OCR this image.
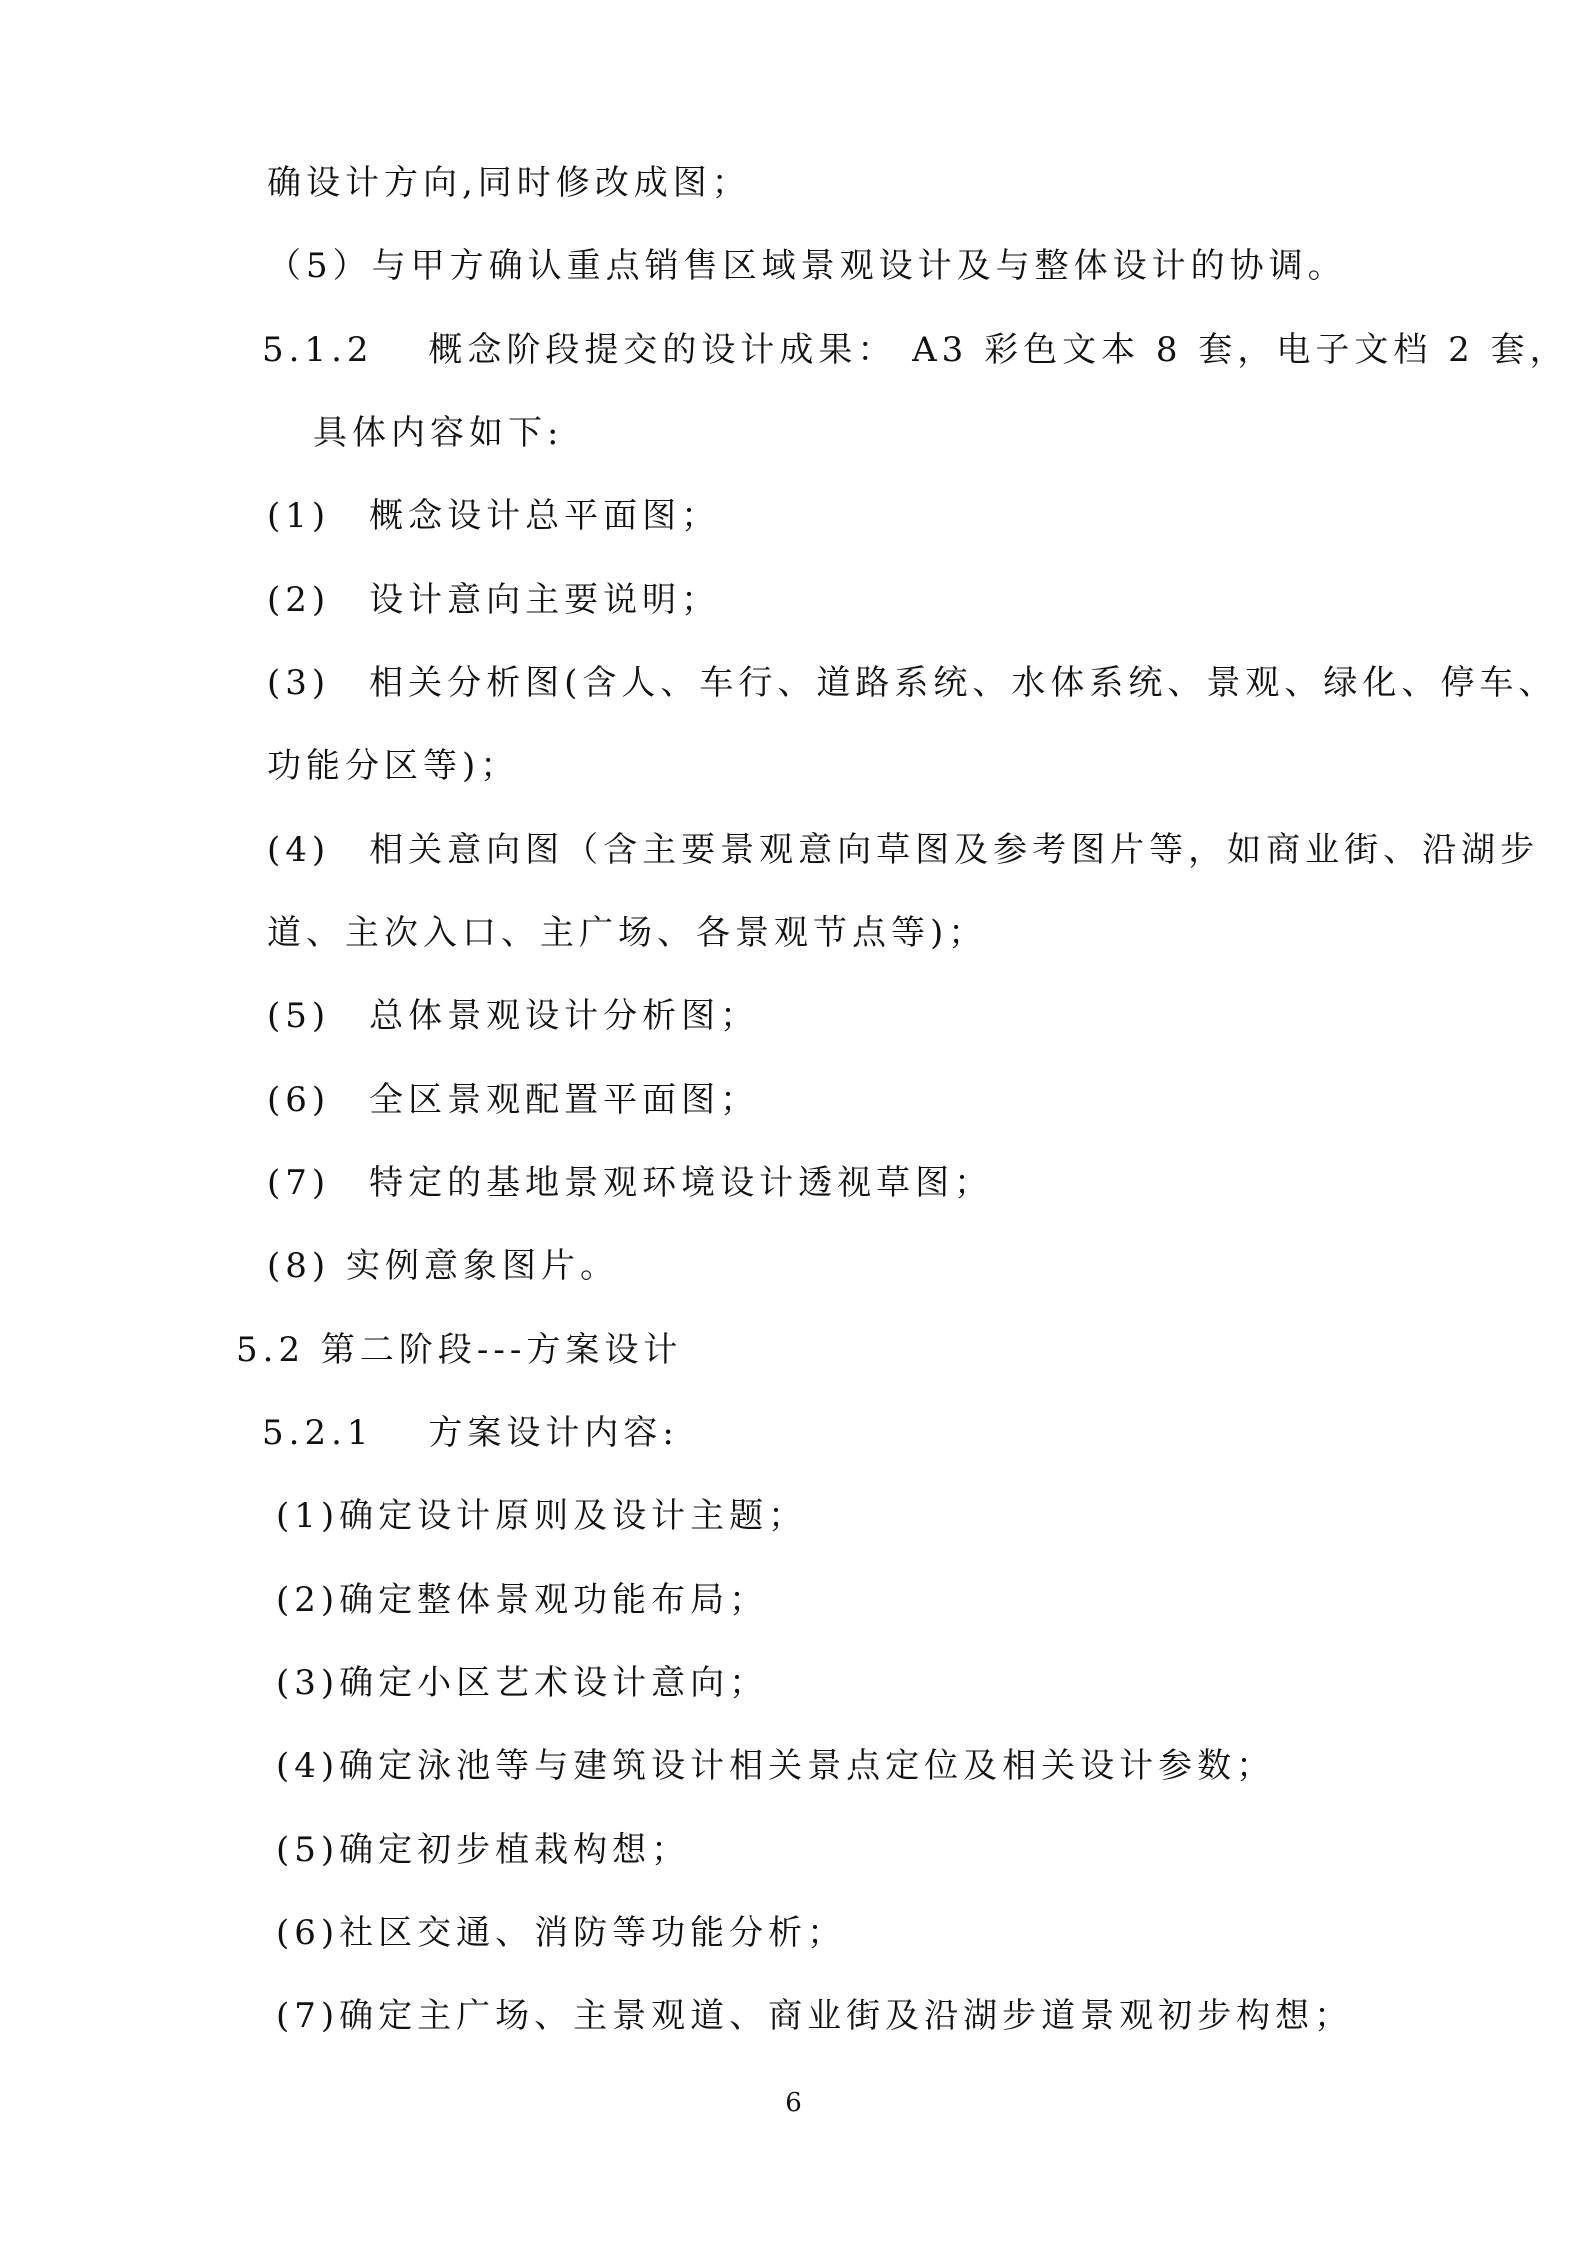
确设计方向,同时修改成图；
（5）与甲方确认重点销售区域景观设计及与整体设计的协调。
5.1.2　 概念阶段提交的设计成果： A3 彩色文本 8 套，电子文档 2 套，
具体内容如下:
(1)　概念设计总平面图；
(2)　设计意向主要说明；
(3)　相关分析图(含人、车行、道路系统、水体系统、景观、绿化、停车、
功能分区等)；
(4)　相关意向图（含主要景观意向草图及参考图片等，如商业街、沿湖步
道、主次入口、主广场、各景观节点等)；
(5)　总体景观设计分析图；
(6)　全区景观配置平面图；
(7)　特定的基地景观环境设计透视草图；
(8) 实例意象图片。
5.2 第二阶段---方案设计
5.2.1　 方案设计内容:
(1)确定设计原则及设计主题；
(2)确定整体景观功能布局；
(3)确定小区艺术设计意向；
(4)确定泳池等与建筑设计相关景点定位及相关设计参数；
(5)确定初步植栽构想；
(6)社区交通、消防等功能分析；
(7)确定主广场、主景观道、商业街及沿湖步道景观初步构想；
6
